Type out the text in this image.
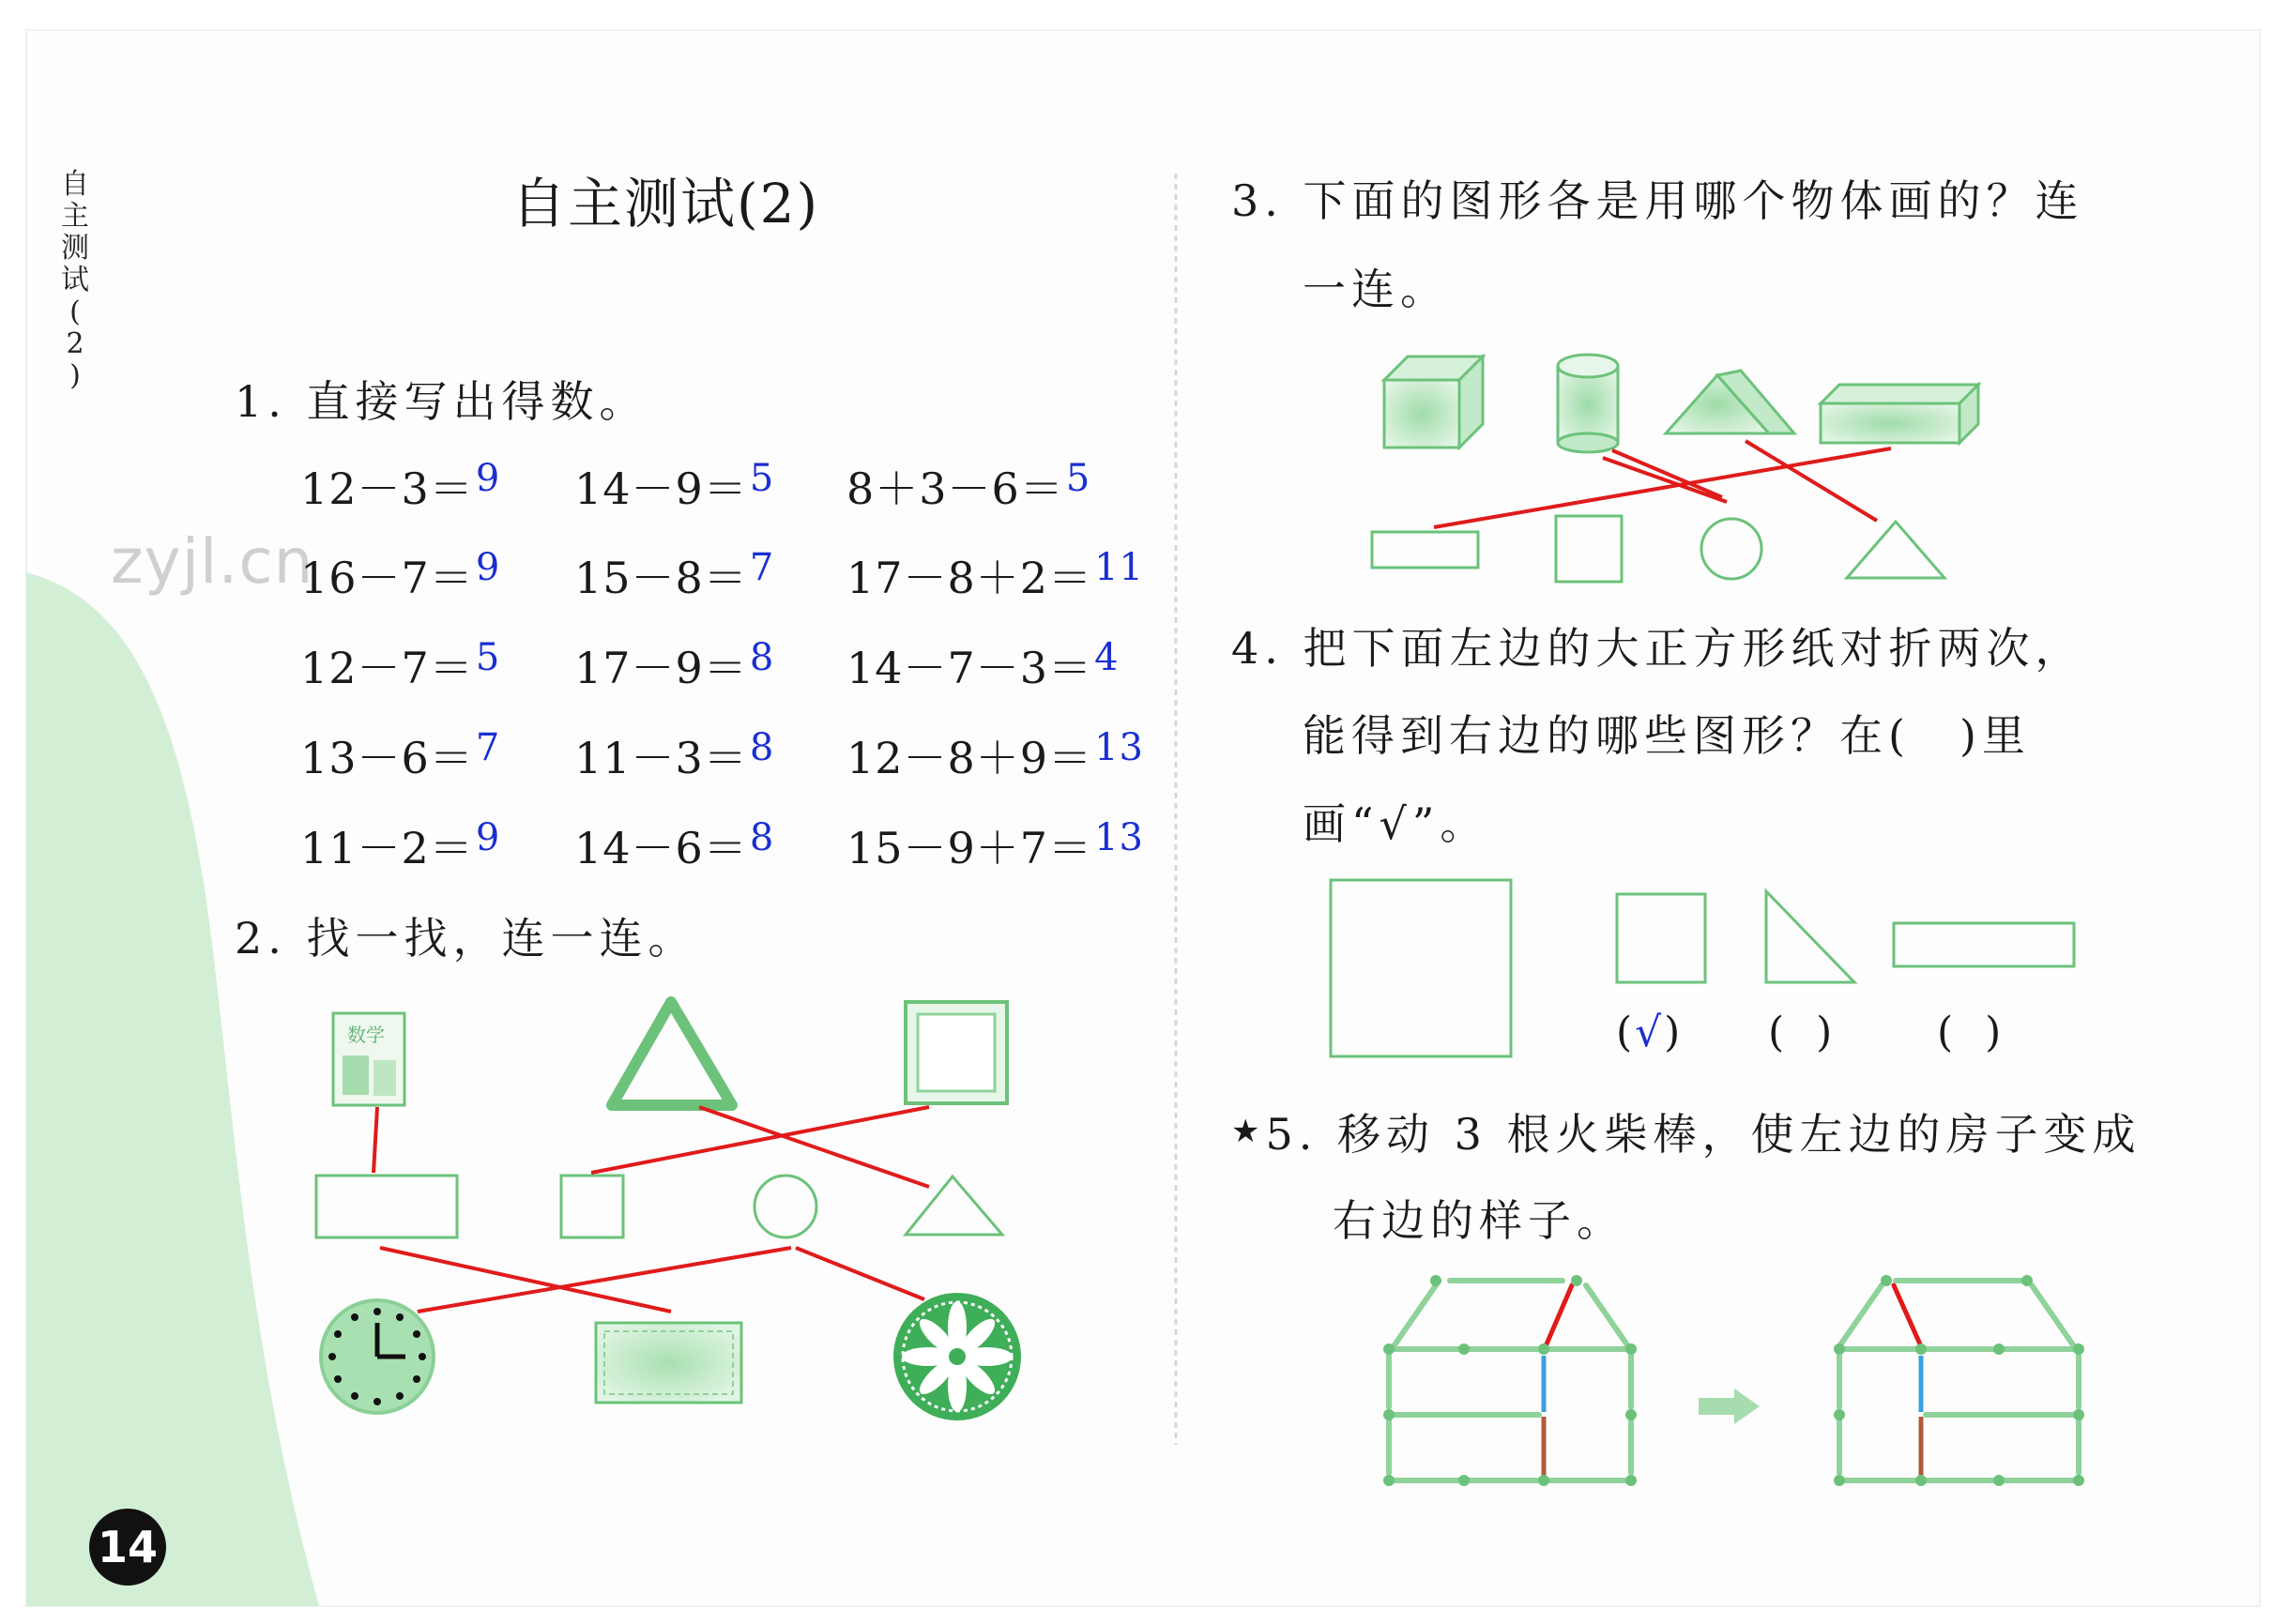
自
主
测
试
(
2
)
自主测试(2)
zyjl.cn
1. 直接写出得数。
12－3＝9 14－9＝5 8＋3－6＝5
16－7＝9 15－8＝7 17－8＋2＝11
12－7＝5 17－9＝8 14－7－3＝4
13－6＝7 11－3＝8 12－8＋9＝13
11－2＝9 14－6＝8 15－9＋7＝13
2. 找一找，连一连。
数学
3. 下面的图形各是用哪个物体画的？连
一连。
4. 把下面左边的大正方形纸对折两次，
能得到右边的哪些图形？在(　)里
画“√”。
(√) ( )	( )
★5. 移动 3 根火柴棒，使左边的房子变成
右边的样子。
14
